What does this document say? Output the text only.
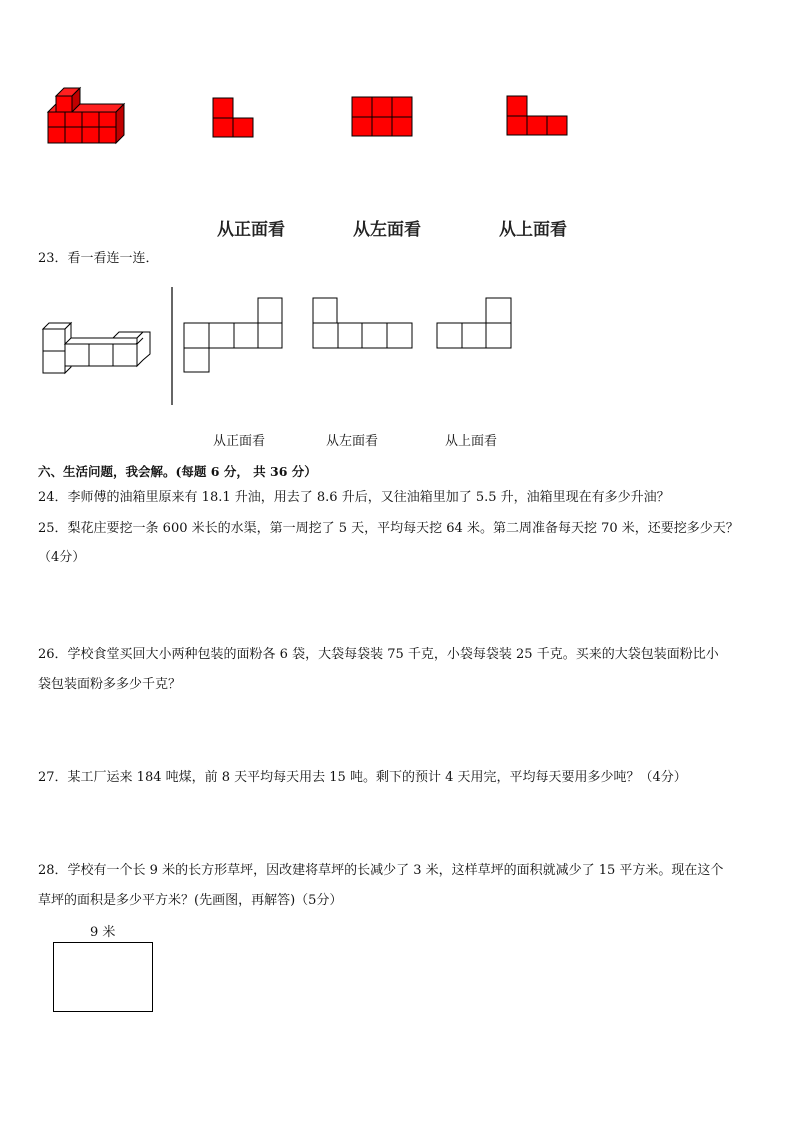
从正面看	从左面看	从上面看
23．看一看连一连．
从正面看	从左面看	从上面看
六、生活问题，我会解。(每题 6 分， 共 36 分）
24．李师傅的油箱里原来有 18.1 升油，用去了 8.6 升后，又往油箱里加了 5.5 升，油箱里现在有多少升油？
25．梨花庄要挖一条 600 米长的水渠，第一周挖了 5 天，平均每天挖 64 米。第二周准备每天挖 70 米，还要挖多少天？
（4分）
26．学校食堂买回大小两种包装的面粉各 6 袋，大袋每袋装 75 千克，小袋每袋装 25 千克。买来的大袋包装面粉比小
袋包装面粉多多少千克？
27．某工厂运来 184 吨煤，前 8 天平均每天用去 15 吨。剩下的预计 4 天用完，平均每天要用多少吨？（4分）
28．学校有一个长 9 米的长方形草坪，因改建将草坪的长减少了 3 米，这样草坪的面积就减少了 15 平方米。现在这个
草坪的面积是多少平方米？(先画图，再解答)（5分）
9 米
